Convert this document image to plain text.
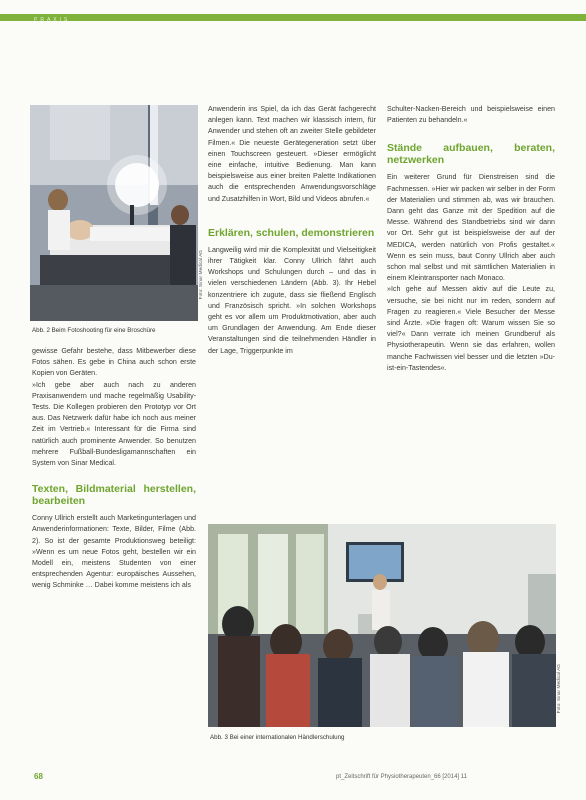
PRAXIS
Foto: Sinar Medical AG
Abb. 2 Beim Fotoshooting für eine Broschüre

gewisse Gefahr bestehe, dass Mitbewerber diese Fotos sähen. Es gebe in China auch schon erste Kopien von Geräten.

»Ich gebe aber auch nach zu anderen Praxisanwendern und mache regelmäßig Usability-Tests. Die Kollegen probieren den Prototyp vor Ort aus. Das Netzwerk dafür habe ich noch aus meiner Zeit im Vertrieb.« Interessant für die Firma sind natürlich auch prominente Anwender. So benutzen mehrere Fußball-Bundesligamannschaften ein System von Sinar Medical.

Texten, Bildmaterial herstellen, bearbeiten

Conny Ullrich erstellt auch Marketingunterlagen und Anwenderinformationen: Texte, Bilder, Filme (Abb. 2). So ist der gesamte Produktionsweg beteiligt: »Wenn es um neue Fotos geht, bestellen wir ein Modell ein, meistens Studenten von einer entsprechenden Agentur: europäisches Aussehen, wenig Schminke … Dabei komme meistens ich als

Anwenderin ins Spiel, da ich das Gerät fachgerecht anlegen kann. Text machen wir klassisch intern, für Anwender und stehen oft an zweiter Stelle gebildeter Filmen.« Die neueste Gerätegeneration setzt über einen Touchscreen gesteuert. »Dieser ermöglicht eine einfache, intuitive Bedienung. Man kann beispielsweise aus einer breiten Palette Indikationen auch die entsprechenden Anwendungsvorschläge und Zusatzhilfen in Wort, Bild und Videos abrufen.«

Erklären, schulen, demonstrieren

Langweilig wird mir die Komplexität und Vielseitigkeit ihrer Tätigkeit klar. Conny Ullrich fährt auch Workshops und Schulungen durch – und das in vielen verschiedenen Ländern (Abb. 3). Ihr Hebel konzentriere ich zugute, dass sie fließend Englisch und Französisch spricht. »In solchen Workshops geht es vor allem um Produktmotivation, aber auch um Grundlagen der Anwendung. Am Ende dieser Veranstaltungen sind die teilnehmenden Händler in der Lage, Triggerpunkte im

Schulter-Nacken-Bereich und beispielsweise einen Patienten zu behandeln.«

Stände aufbauen, beraten, netzwerken

Ein weiterer Grund für Dienstreisen sind die Fachmessen. »Hier wir packen wir selber in der Form der Materialien und stimmen ab, was wir brauchen. Dann geht das Ganze mit der Spedition auf die Messe. Während des Standbetriebs sind wir dann vor Ort. Sehr gut ist beispielsweise der auf der MEDICA, werden natürlich von Profis gestaltet.« Wenn es sein muss, baut Conny Ullrich aber auch schon mal selbst und mit sämtlichen Materialien in einem Kleintransporter nach Monaco.

»Ich gehe auf Messen aktiv auf die Leute zu, versuche, sie bei nicht nur im reden, sondern auf Fragen zu reagieren.« Viele Besucher der Messe sind Ärzte. »Die fragen oft: Warum wissen Sie so viel?« Dann verrate ich meinen Grundberuf als Physiotherapeutin. Wenn sie das erfahren, wollen manche Fachwissen viel besser und die letzten »Du-ist-ein-Tastendes«.

Foto: Sinar Medical AG
Abb. 3 Bei einer internationalen Händlerschulung
68	pt_Zeitschrift für Physiotherapeuten_66 [2014] 11
